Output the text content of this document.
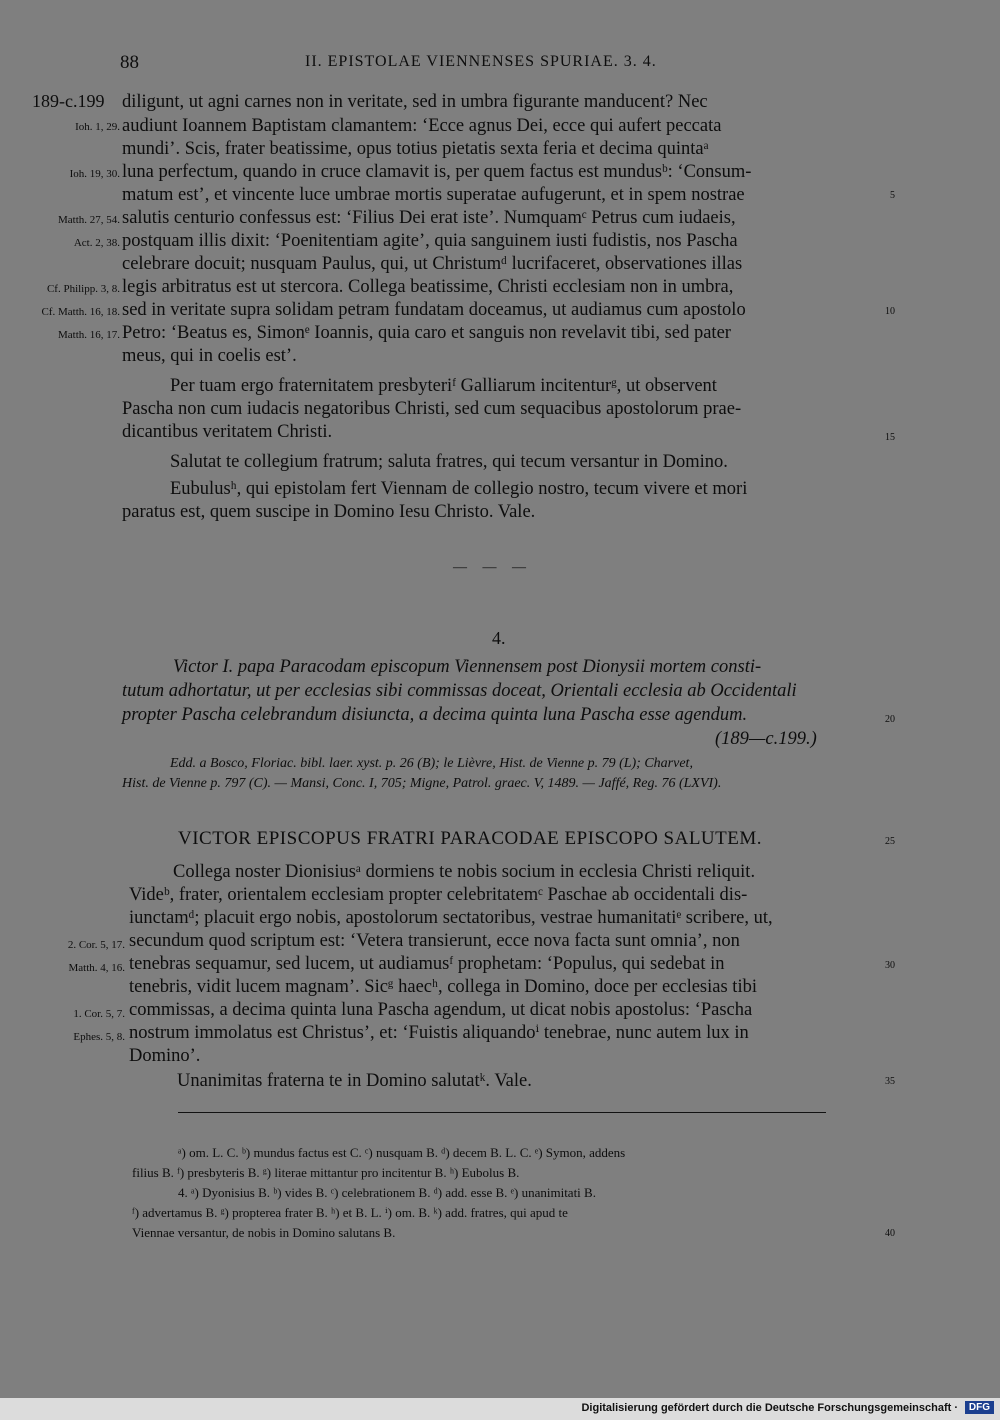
88	II. EPISTOLAE VIENNENSES SPURIAE. 3. 4.
189-c.199 diligunt, ut agni carnes non in veritate, sed in umbra figurante manducent? Nec
audiunt Ioannem Baptistam clamantem: ‘Ecce agnus Dei, ecce qui aufert peccata
mundi’. Scis, frater beatissime, opus totius pietatis sexta feria et decima quintaᵃ
luna perfectum, quando in cruce clamavit is, per quem factus est mundusᵇ: ‘Consum-
matum est’, et vincente luce umbrae mortis superatae aufugerunt, et in spem nostrae
salutis centurio confessus est: ‘Filius Dei erat iste’. Numquamᶜ Petrus cum iudaeis,
postquam illis dixit: ‘Poenitentiam agite’, quia sanguinem iusti fudistis, nos Pascha
celebrare docuit; nusquam Paulus, qui, ut Christumᵈ lucrifaceret, observationes illas
legis arbitratus est ut stercora. Collega beatissime, Christi ecclesiam non in umbra,
sed in veritate supra solidam petram fundatam doceamus, ut audiamus cum apostolo
Petro: ‘Beatus es, Simonᵉ Ioannis, quia caro et sanguis non revelavit tibi, sed pater
meus, qui in coelis est’.
Per tuam ergo fraternitatem presbyteriᶠ Galliarum incitenturᵍ, ut observent
Pascha non cum iudacis negatoribus Christi, sed cum sequacibus apostolorum prae-
dicantibus veritatem Christi.
Salutat te collegium fratrum; saluta fratres, qui tecum versantur in Domino.
Eubulusʰ, qui epistolam fert Viennam de collegio nostro, tecum vivere et mori
paratus est, quem suscipe in Domino Iesu Christo. Vale.
Ioh. 1, 29.
Ioh. 19, 30.
Matth. 27, 54.
Act. 2, 38.
Cf. Philipp. 3, 8.
Cf. Matth. 16, 18.
Matth. 16, 17.
5
10
15
— — —
4.
Victor I. papa Paracodam episcopum Viennensem post Dionysii mortem consti-
tutum adhortatur, ut per ecclesias sibi commissas doceat, Orientali ecclesia ab Occidentali
propter Pascha celebrandum disiuncta, a decima quinta luna Pascha esse agendum.
(189—c.199.)
Edd. a Bosco, Floriac. bibl. laer. xyst. p. 26 (B); le Lièvre, Hist. de Vienne p. 79 (L); Charvet,
Hist. de Vienne p. 797 (C). — Mansi, Conc. I, 705; Migne, Patrol. graec. V, 1489. — Jaffé, Reg. 76 (LXVI).
VICTOR EPISCOPUS FRATRI PARACODAE EPISCOPO SALUTEM.
Collega noster Dionisiusᵃ dormiens te nobis socium in ecclesia Christi reliquit.
Videᵇ, frater, orientalem ecclesiam propter celebritatemᶜ Paschae ab occidentali dis-
iunctamᵈ; placuit ergo nobis, apostolorum sectatoribus, vestrae humanitatiᵉ scribere, ut,
secundum quod scriptum est: ‘Vetera transierunt, ecce nova facta sunt omnia’, non
tenebras sequamur, sed lucem, ut audiamusᶠ prophetam: ‘Populus, qui sedebat in
tenebris, vidit lucem magnam’. Sicᵍ haecʰ, collega in Domino, doce per ecclesias tibi
commissas, a decima quinta luna Pascha agendum, ut dicat nobis apostolus: ‘Pascha
nostrum immolatus est Christus’, et: ‘Fuistis aliquandoⁱ tenebrae, nunc autem lux in
Domino’.
Unanimitas fraterna te in Domino salutatᵏ. Vale.
2. Cor. 5, 17.
Matth. 4, 16.
1. Cor. 5, 7.
Ephes. 5, 8.
20
25
30
35
ᵃ) om. L. C. ᵇ) mundus factus est C. ᶜ) nusquam B. ᵈ) decem B. L. C. ᵉ) Symon, addens
filius B. ᶠ) presbyteris B. ᵍ) literae mittantur pro incitentur B. ʰ) Eubolus B.
4. ᵃ) Dyonisius B. ᵇ) vides B. ᶜ) celebrationem B. ᵈ) add. esse B. ᵉ) unanimitati B.
ᶠ) advertamus B. ᵍ) propterea frater B. ʰ) et B. L. ⁱ) om. B. ᵏ) add. fratres, qui apud te
Viennae versantur, de nobis in Domino salutans B.	40
Digitalisierung gefördert durch die Deutsche Forschungsgemeinschaft ·	DFG
